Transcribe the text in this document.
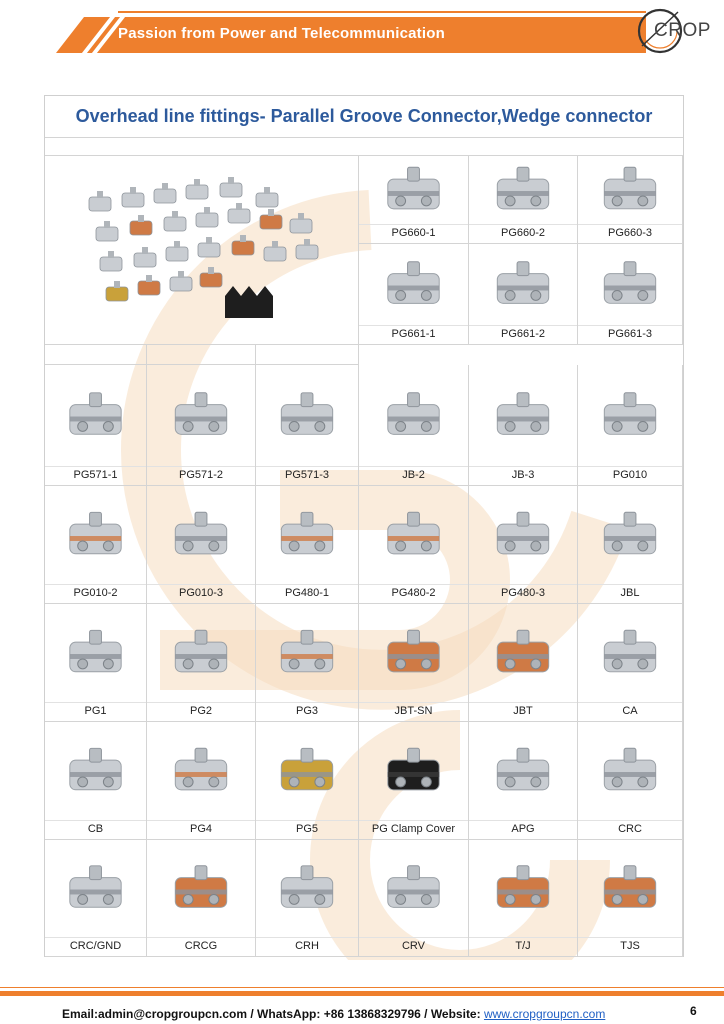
Passion from Power and Telecommunication	CROP
Overhead line fittings- Parallel Groove Connector,Wedge connector
PG660-1	PG660-2	PG660-3
PG661-1	PG661-2	PG661-3
PG571-1	PG571-2	PG571-3	JB-2	JB-3	PG010
PG010-2	PG010-3	PG480-1	PG480-2	PG480-3	JBL
PG1	PG2	PG3	JBT-SN	JBT	CA
CB	PG4	PG5	PG Clamp Cover	APG	CRC
CRC/GND	CRCG	CRH	CRV	T/J	TJS
Email:admin@cropgroupcn.com / WhatsApp: +86 13868329796 / Website: www.cropgroupcn.com	6
